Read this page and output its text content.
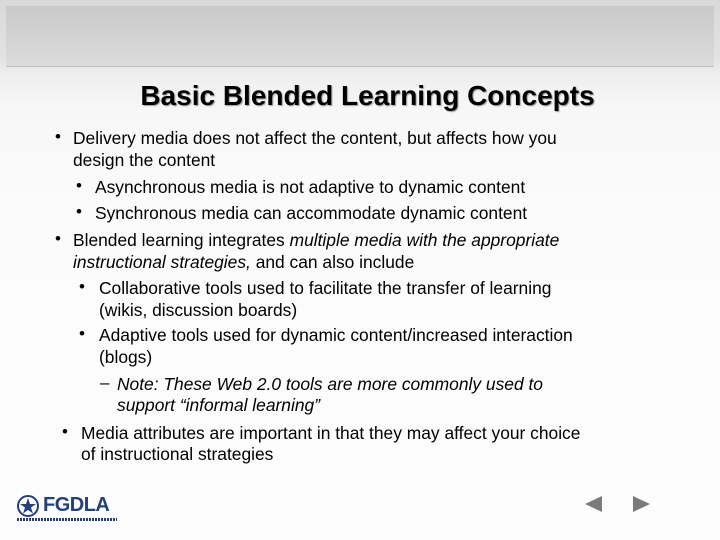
Basic Blended Learning Concepts
• Delivery media does not affect the content, but affects how you
design the content
• Asynchronous media is not adaptive to dynamic content
• Synchronous media can accommodate dynamic content
• Blended learning integrates multiple media with the appropriate
instructional strategies, and can also include
• Collaborative tools used to facilitate the transfer of learning
(wikis, discussion boards)
• Adaptive tools used for dynamic content/increased interaction
(blogs)
– Note: These Web 2.0 tools are more commonly used to
support “informal learning”
• Media attributes are important in that they may affect your choice
of instructional strategies
FGDLA
